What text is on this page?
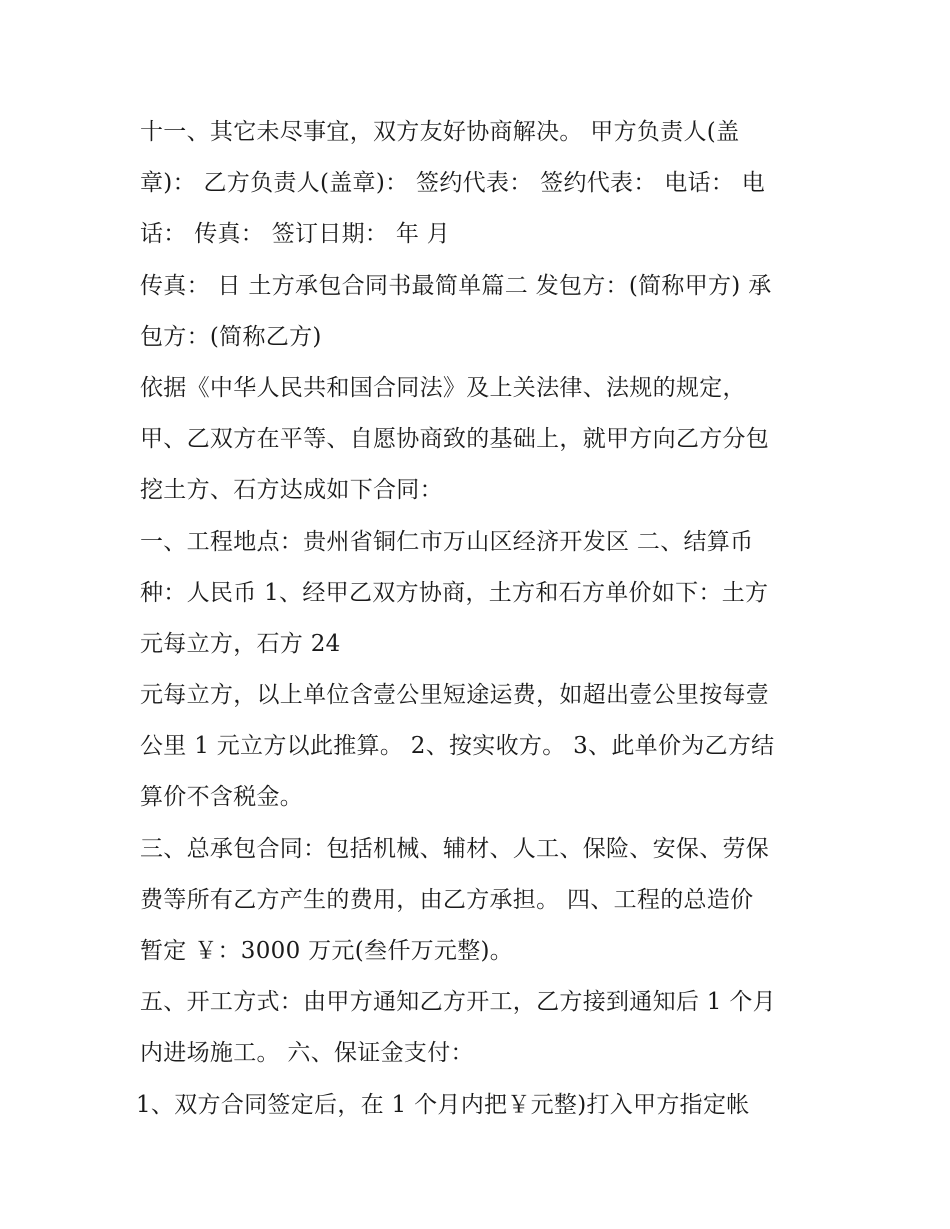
十一、其它未尽事宜，双方友好协商解决。 甲方负责人(盖
章)： 乙方负责人(盖章)： 签约代表： 签约代表： 电话： 电
话： 传真： 签订日期： 年 月
传真： 日 土方承包合同书最简单篇二 发包方：(简称甲方) 承
包方：(简称乙方)
依据《中华人民共和国合同法》及上关法律、法规的规定，
甲、乙双方在平等、自愿协商致的基础上，就甲方向乙方分包
挖土方、石方达成如下合同：
一、工程地点：贵州省铜仁市万山区经济开发区 二、结算币
种：人民币 1、经甲乙双方协商，土方和石方单价如下：土方
元每立方，石方 24
元每立方，以上单位含壹公里短途运费，如超出壹公里按每壹
公里 1 元立方以此推算。 2、按实收方。 3、此单价为乙方结
算价不含税金。
三、总承包合同：包括机械、辅材、人工、保险、安保、劳保
费等所有乙方产生的费用，由乙方承担。 四、工程的总造价
暂定 ￥：3000 万元(叁仟万元整)。
五、开工方式：由甲方通知乙方开工，乙方接到通知后 1 个月
内进场施工。 六、保证金支付：
1、双方合同签定后，在 1 个月内把￥元整)打入甲方指定帐
